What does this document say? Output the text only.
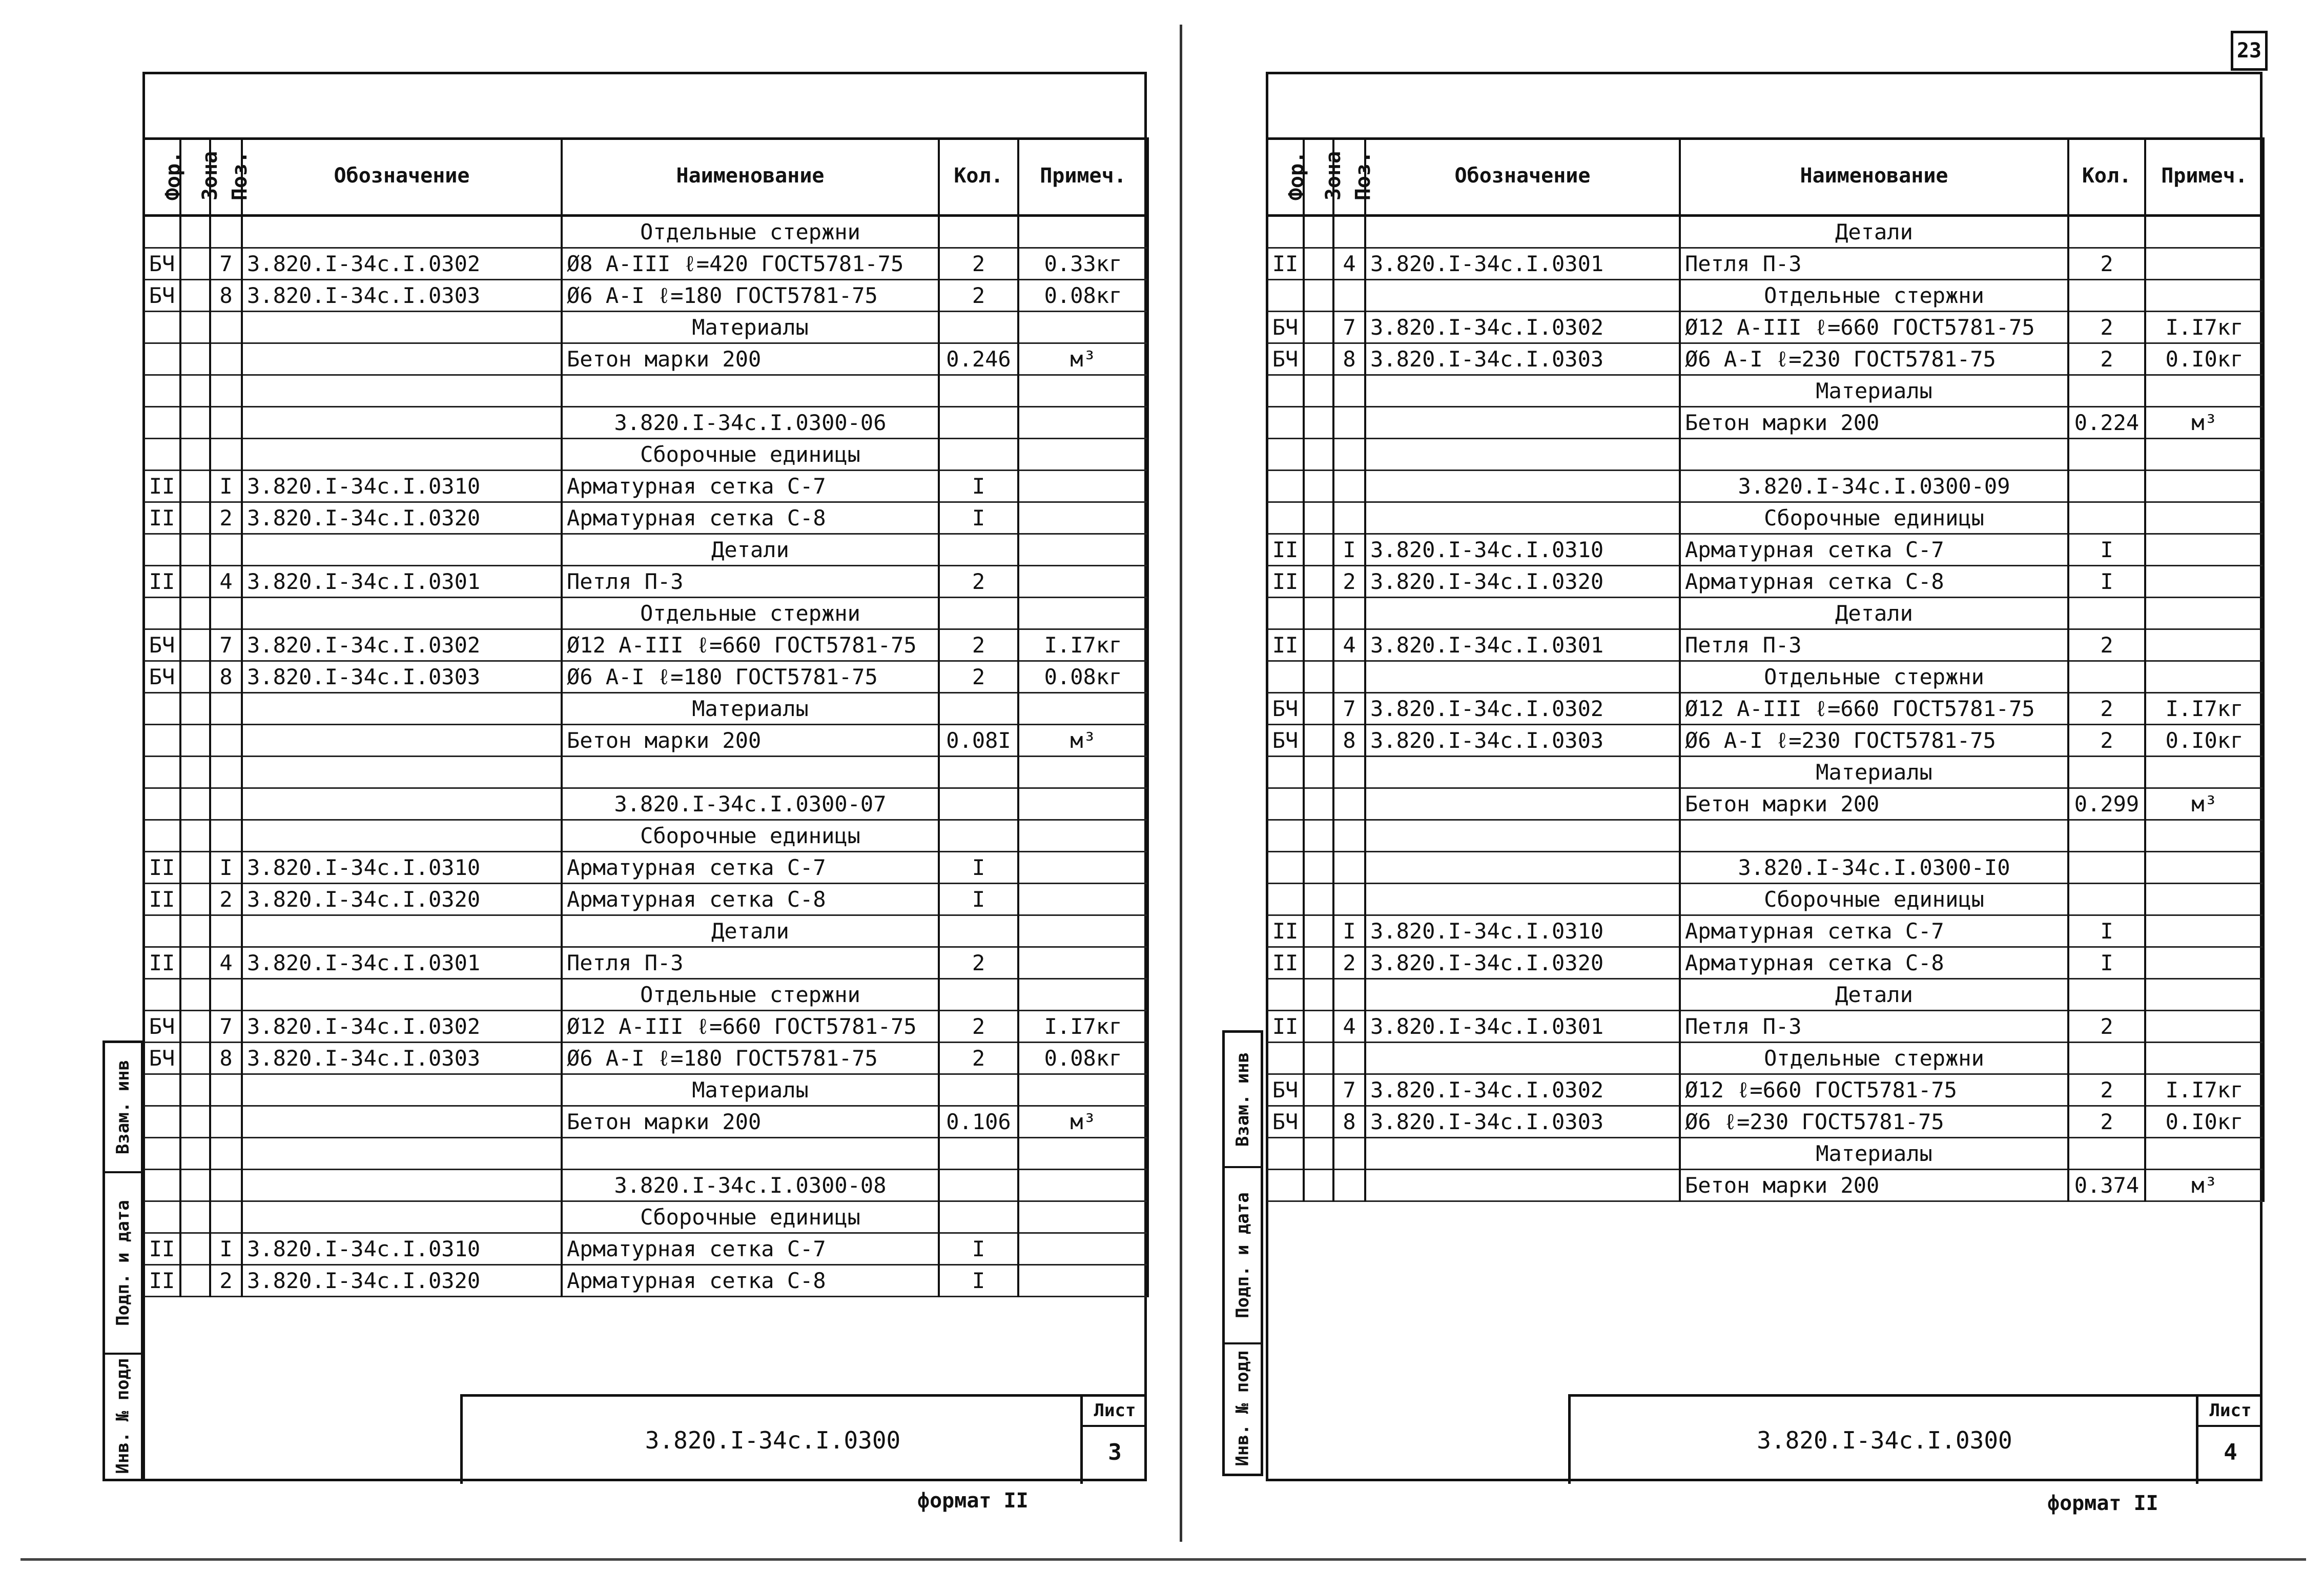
23
Фор.	Зона	Поз.	Обозначение	Наименование	Кол.	Примеч.
				Отдельные стержни		
БЧ		7	3.820.I-34c.I.0302	Ø8 A-III ℓ=420 ГОСТ5781-75	2	0.33кг
БЧ		8	3.820.I-34c.I.0303	Ø6 A-I ℓ=180 ГОСТ5781-75	2	0.08кг
				Материалы		
				Бетон марки 200	0.246	м³

				3.820.I-34c.I.0300-06		
				Сборочные единицы		
II		I	3.820.I-34c.I.0310	Арматурная сетка С-7	I	
II		2	3.820.I-34c.I.0320	Арматурная сетка С-8	I	
				Детали		
II		4	3.820.I-34c.I.0301	Петля П-3	2	
				Отдельные стержни		
БЧ		7	3.820.I-34c.I.0302	Ø12 A-III ℓ=660 ГОСТ5781-75	2	I.I7кг
БЧ		8	3.820.I-34c.I.0303	Ø6 A-I ℓ=180 ГОСТ5781-75	2	0.08кг
				Материалы		
				Бетон марки 200	0.08I	м³

				3.820.I-34c.I.0300-07		
				Сборочные единицы		
II		I	3.820.I-34c.I.0310	Арматурная сетка С-7	I	
II		2	3.820.I-34c.I.0320	Арматурная сетка С-8	I	
				Детали		
II		4	3.820.I-34c.I.0301	Петля П-3	2	
				Отдельные стержни		
БЧ		7	3.820.I-34c.I.0302	Ø12 A-III ℓ=660 ГОСТ5781-75	2	I.I7кг
БЧ		8	3.820.I-34c.I.0303	Ø6 A-I ℓ=180 ГОСТ5781-75	2	0.08кг
				Материалы		
				Бетон марки 200	0.106	м³

				3.820.I-34c.I.0300-08		
				Сборочные единицы		
II		I	3.820.I-34c.I.0310	Арматурная сетка С-7	I	
II		2	3.820.I-34c.I.0320	Арматурная сетка С-8	I	
3.820.I-34c.I.0300
Лист
3
Взам. инв
Подп. и дата
Инв. № подл
формат II
Фор.	Зона	Поз.	Обозначение	Наименование	Кол.	Примеч.
				Детали		
II		4	3.820.I-34c.I.0301	Петля П-3	2	
				Отдельные стержни		
БЧ		7	3.820.I-34c.I.0302	Ø12 A-III ℓ=660 ГОСТ5781-75	2	I.I7кг
БЧ		8	3.820.I-34c.I.0303	Ø6 A-I ℓ=230 ГОСТ5781-75	2	0.I0кг
				Материалы		
				Бетон марки 200	0.224	м³

				3.820.I-34c.I.0300-09		
				Сборочные единицы		
II		I	3.820.I-34c.I.0310	Арматурная сетка С-7	I	
II		2	3.820.I-34c.I.0320	Арматурная сетка С-8	I	
				Детали		
II		4	3.820.I-34c.I.0301	Петля П-3	2	
				Отдельные стержни		
БЧ		7	3.820.I-34c.I.0302	Ø12 A-III ℓ=660 ГОСТ5781-75	2	I.I7кг
БЧ		8	3.820.I-34c.I.0303	Ø6 A-I ℓ=230 ГОСТ5781-75	2	0.I0кг
				Материалы		
				Бетон марки 200	0.299	м³

				3.820.I-34c.I.0300-I0		
				Сборочные единицы		
II		I	3.820.I-34c.I.0310	Арматурная сетка С-7	I	
II		2	3.820.I-34c.I.0320	Арматурная сетка С-8	I	
				Детали		
II		4	3.820.I-34c.I.0301	Петля П-3	2	
				Отдельные стержни		
БЧ		7	3.820.I-34c.I.0302	Ø12 ℓ=660 ГОСТ5781-75	2	I.I7кг
БЧ		8	3.820.I-34c.I.0303	Ø6 ℓ=230 ГОСТ5781-75	2	0.I0кг
				Материалы		
				Бетон марки 200	0.374	м³
3.820.I-34c.I.0300
Лист
4
Взам. инв
Подп. и дата
Инв. № подл
формат II
